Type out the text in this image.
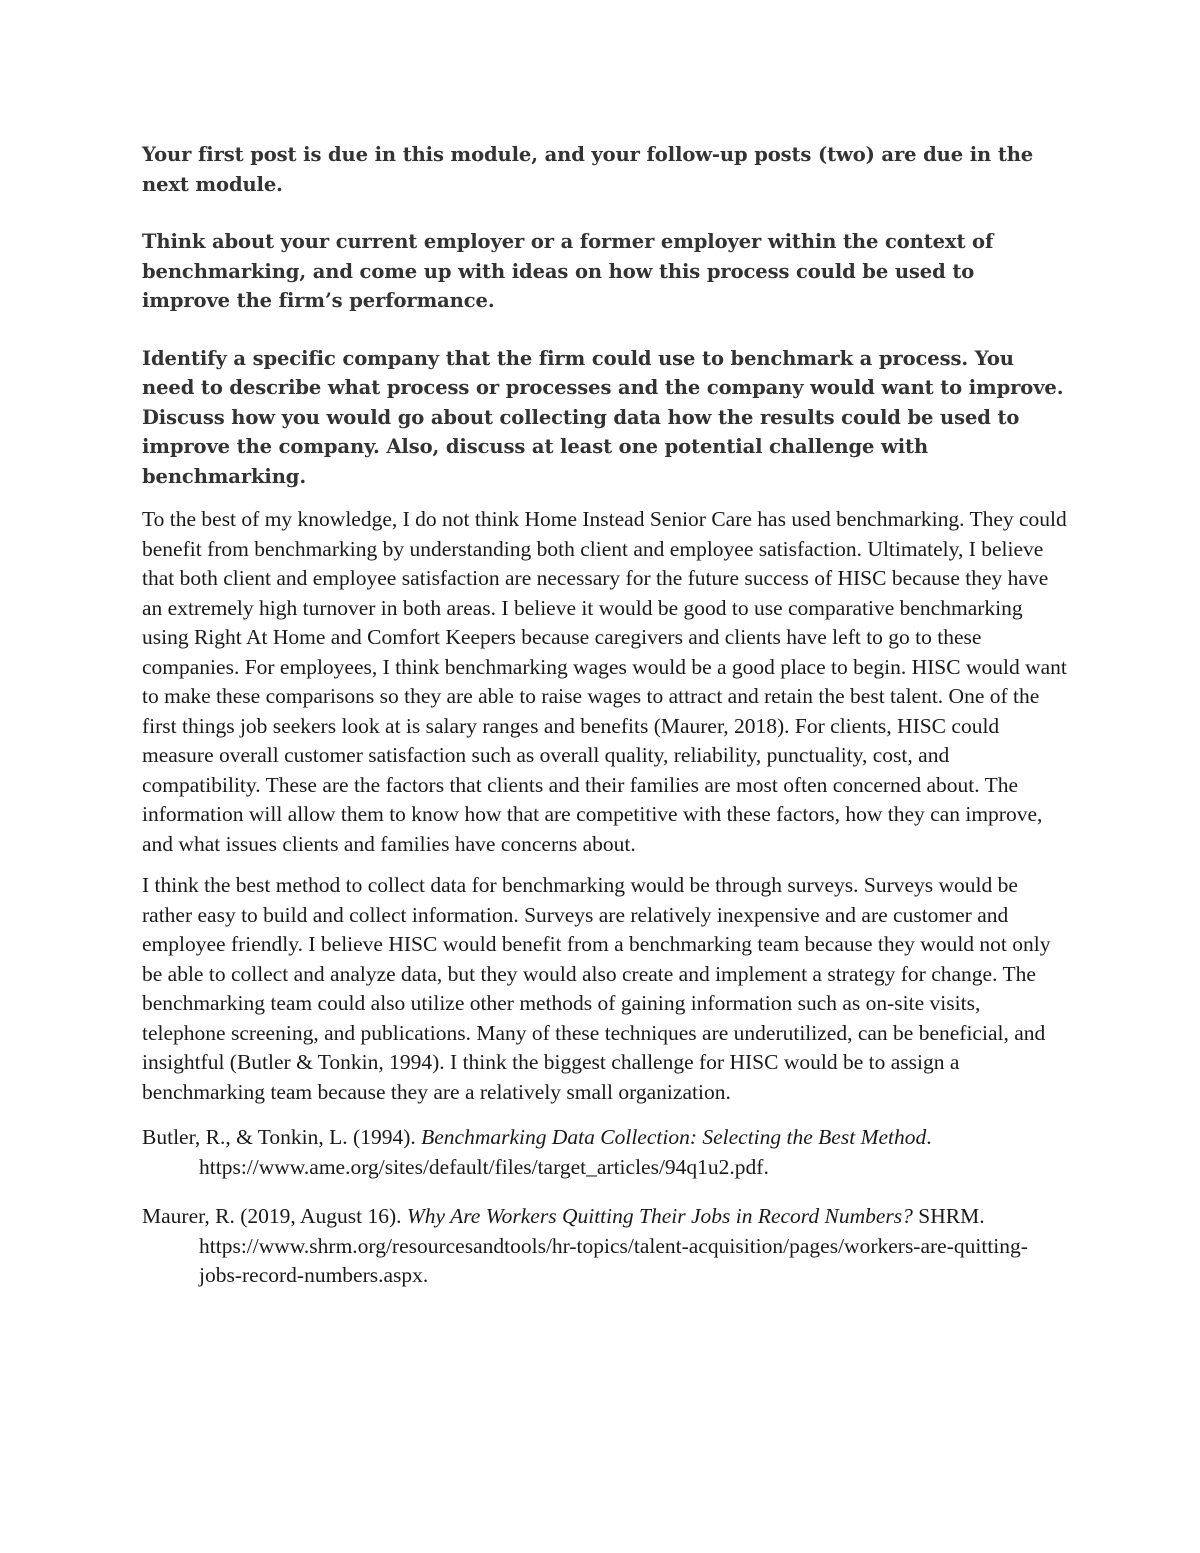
Your first post is due in this module, and your follow-up posts (two) are due in the next module.

Think about your current employer or a former employer within the context of benchmarking, and come up with ideas on how this process could be used to improve the firm’s performance.

Identify a specific company that the firm could use to benchmark a process. You need to describe what process or processes and the company would want to improve. Discuss how you would go about collecting data how the results could be used to improve the company. Also, discuss at least one potential challenge with benchmarking.

To the best of my knowledge, I do not think Home Instead Senior Care has used benchmarking. They could benefit from benchmarking by understanding both client and employee satisfaction. Ultimately, I believe that both client and employee satisfaction are necessary for the future success of HISC because they have an extremely high turnover in both areas. I believe it would be good to use comparative benchmarking using Right At Home and Comfort Keepers because caregivers and clients have left to go to these companies. For employees, I think benchmarking wages would be a good place to begin. HISC would want to make these comparisons so they are able to raise wages to attract and retain the best talent. One of the first things job seekers look at is salary ranges and benefits (Maurer, 2018). For clients, HISC could measure overall customer satisfaction such as overall quality, reliability, punctuality, cost, and compatibility. These are the factors that clients and their families are most often concerned about. The information will allow them to know how that are competitive with these factors, how they can improve, and what issues clients and families have concerns about.

I think the best method to collect data for benchmarking would be through surveys. Surveys would be rather easy to build and collect information. Surveys are relatively inexpensive and are customer and employee friendly. I believe HISC would benefit from a benchmarking team because they would not only be able to collect and analyze data, but they would also create and implement a strategy for change. The benchmarking team could also utilize other methods of gaining information such as on-site visits, telephone screening, and publications. Many of these techniques are underutilized, can be beneficial, and insightful (Butler & Tonkin, 1994). I think the biggest challenge for HISC would be to assign a benchmarking team because they are a relatively small organization.

Butler, R., & Tonkin, L. (1994). Benchmarking Data Collection: Selecting the Best Method. https://www.ame.org/sites/default/files/target_articles/94q1u2.pdf.

Maurer, R. (2019, August 16). Why Are Workers Quitting Their Jobs in Record Numbers? SHRM. https://www.shrm.org/resourcesandtools/hr-topics/talent-acquisition/pages/workers-are-quitting-jobs-record-numbers.aspx.
